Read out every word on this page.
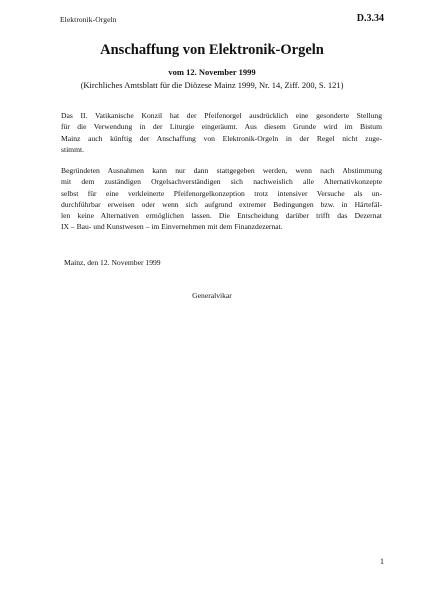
Elektronik-Orgeln	D.3.34
Anschaffung von Elektronik-Orgeln
vom 12. November 1999
(Kirchliches Amtsblatt für die Diözese Mainz 1999, Nr. 14, Ziff. 200, S. 121)
Das II. Vatikanische Konzil hat der Pfeifenorgel ausdrücklich eine gesonderte Stellung
für die Verwendung in der Liturgie eingeräumt. Aus diesem Grunde wird im Bistum
Mainz auch künftig der Anschaffung von Elektronik-Orgeln in der Regel nicht zuge-
stimmt.
Begründeten Ausnahmen kann nur dann stattgegeben werden, wenn nach Abstimmung
mit dem zuständigen Orgelsachverständigen sich nachweislich alle Alternativkonzepte
selbst für eine verkleinerte Pfeifenorgelkonzeption trotz intensiver Versuche als un-
durchführbar erweisen oder wenn sich aufgrund extremer Bedingungen bzw. in Härtefäl-
len keine Alternativen ermöglichen lassen. Die Entscheidung darüber trifft das Dezernat
IX – Bau- und Kunstwesen – im Einvernehmen mit dem Finanzdezernat.
Mainz, den 12. November 1999
Generalvikar
1
